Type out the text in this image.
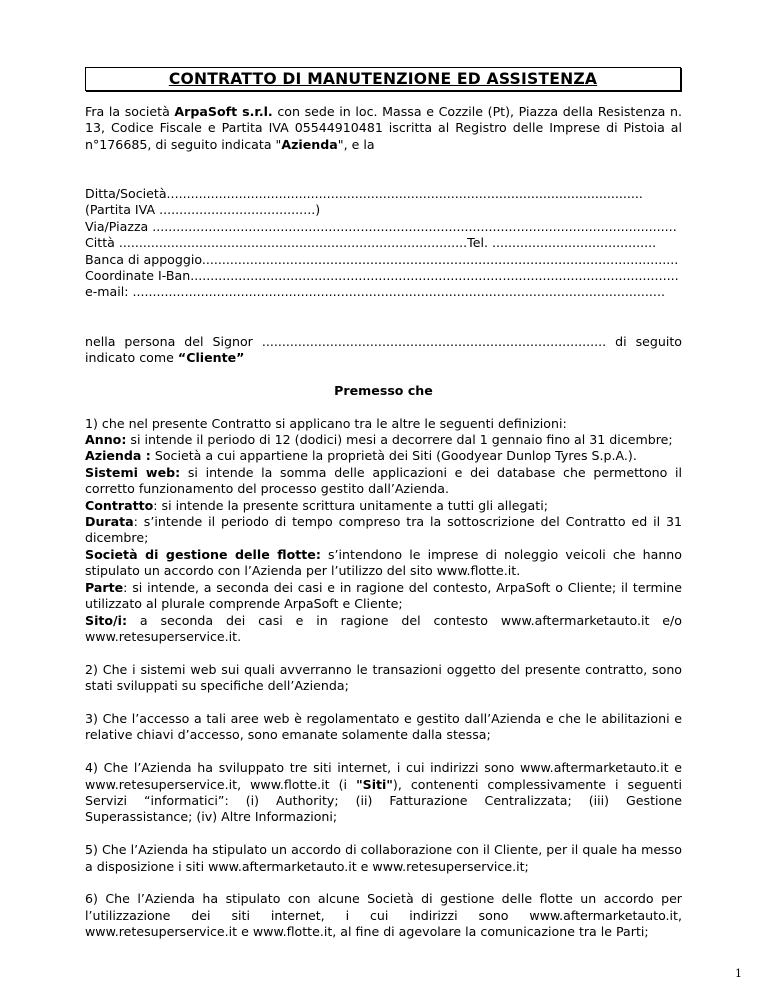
CONTRATTO DI MANUTENZIONE ED ASSISTENZA

Fra la società ArpaSoft s.r.l. con sede in loc. Massa e Cozzile (Pt), Piazza della Resistenza n. 13, Codice Fiscale e Partita IVA 05544910481 iscritta al Registro delle Imprese di Pistoia al n°176685, di seguito indicata "Azienda", e la

Ditta/Società.......................................................................................................................
(Partita IVA .......................................)
Via/Piazza ...................................................................................................................................
Città .......................................................................................Tel. .........................................
Banca di appoggio.......................................................................................................................
Coordinate I-Ban..........................................................................................................................
e-mail: .....................................................................................................................................

nella persona del Signor ...................................................................................... di seguito indicato come “Cliente”

Premesso che

1) che nel presente Contratto si applicano tra le altre le seguenti definizioni:

Anno: si intende il periodo di 12 (dodici) mesi a decorrere dal 1 gennaio fino al 31 dicembre;

Azienda : Società a cui appartiene la proprietà dei Siti (Goodyear Dunlop Tyres S.p.A.).

Sistemi web: si intende la somma delle applicazioni e dei database che permettono il corretto funzionamento del processo gestito dall’Azienda.

Contratto: si intende la presente scrittura unitamente a tutti gli allegati;

Durata: s’intende il periodo di tempo compreso tra la sottoscrizione del Contratto ed il 31 dicembre;

Società di gestione delle flotte: s’intendono le imprese di noleggio veicoli che hanno stipulato un accordo con l’Azienda per l’utilizzo del sito www.flotte.it.

Parte: si intende, a seconda dei casi e in ragione del contesto, ArpaSoft o Cliente; il termine utilizzato al plurale comprende ArpaSoft e Cliente;

Sito/i: a seconda dei casi e in ragione del contesto www.aftermarketauto.it e/o www.retesuperservice.it.

2) Che i sistemi web sui quali avverranno le transazioni oggetto del presente contratto, sono stati sviluppati su specifiche dell’Azienda;

3) Che l’accesso a tali aree web è regolamentato e gestito dall’Azienda e che le abilitazioni e relative chiavi d’accesso, sono emanate solamente dalla stessa;

4) Che l’Azienda ha sviluppato tre siti internet, i cui indirizzi sono www.aftermarketauto.it e www.retesuperservice.it, www.flotte.it (i "Siti"), contenenti complessivamente i seguenti Servizi “informatici”: (i) Authority; (ii) Fatturazione Centralizzata; (iii) Gestione Superassistance; (iv) Altre Informazioni;

5) Che l’Azienda ha stipulato un accordo di collaborazione con il Cliente, per il quale ha messo a disposizione i siti www.aftermarketauto.it e www.retesuperservice.it;

6) Che l’Azienda ha stipulato con alcune Società di gestione delle flotte un accordo per l’utilizzazione dei siti internet, i cui indirizzi sono www.aftermarketauto.it, www.retesuperservice.it e www.flotte.it, al fine di agevolare la comunicazione tra le Parti;

1
